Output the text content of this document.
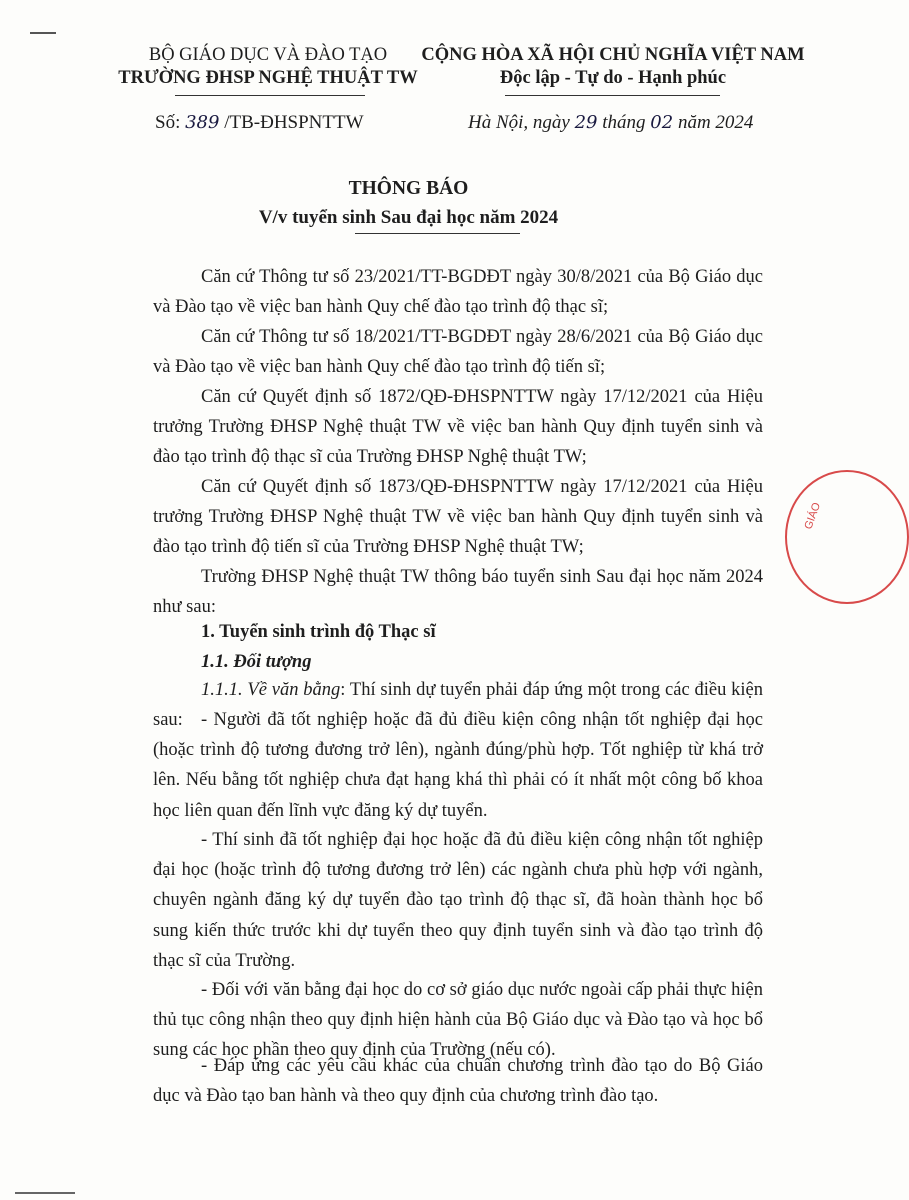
BỘ GIÁO DỤC VÀ ĐÀO TẠO
TRƯỜNG ĐHSP NGHỆ THUẬT TW
CỘNG HÒA XÃ HỘI CHỦ NGHĨA VIỆT NAM
Độc lập - Tự do - Hạnh phúc
Số: 389 /TB-ĐHSPNTTW	Hà Nội, ngày 29 tháng 02 năm 2024
THÔNG BÁO
V/v tuyển sinh Sau đại học năm 2024
Căn cứ Thông tư số 23/2021/TT-BGDĐT ngày 30/8/2021 của Bộ Giáo dục và Đào tạo về việc ban hành Quy chế đào tạo trình độ thạc sĩ;
Căn cứ Thông tư số 18/2021/TT-BGDĐT ngày 28/6/2021 của Bộ Giáo dục và Đào tạo về việc ban hành Quy chế đào tạo trình độ tiến sĩ;
Căn cứ Quyết định số 1872/QĐ-ĐHSPNTTW ngày 17/12/2021 của Hiệu trưởng Trường ĐHSP Nghệ thuật TW về việc ban hành Quy định tuyển sinh và đào tạo trình độ thạc sĩ của Trường ĐHSP Nghệ thuật TW;
Căn cứ Quyết định số 1873/QĐ-ĐHSPNTTW ngày 17/12/2021 của Hiệu trưởng Trường ĐHSP Nghệ thuật TW về việc ban hành Quy định tuyển sinh và đào tạo trình độ tiến sĩ của Trường ĐHSP Nghệ thuật TW;
Trường ĐHSP Nghệ thuật TW thông báo tuyển sinh Sau đại học năm 2024 như sau:
1. Tuyển sinh trình độ Thạc sĩ
1.1. Đối tượng
1.1.1. Về văn bằng: Thí sinh dự tuyển phải đáp ứng một trong các điều kiện sau: - Người đã tốt nghiệp hoặc đã đủ điều kiện công nhận tốt nghiệp đại học (hoặc trình độ tương đương trở lên), ngành đúng/phù hợp. Tốt nghiệp từ khá trở lên. Nếu bằng tốt nghiệp chưa đạt hạng khá thì phải có ít nhất một công bố khoa học liên quan đến lĩnh vực đăng ký dự tuyển.
- Thí sinh đã tốt nghiệp đại học hoặc đã đủ điều kiện công nhận tốt nghiệp đại học (hoặc trình độ tương đương trở lên) các ngành chưa phù hợp với ngành, chuyên ngành đăng ký dự tuyển đào tạo trình độ thạc sĩ, đã hoàn thành học bổ sung kiến thức trước khi dự tuyển theo quy định tuyển sinh và đào tạo trình độ thạc sĩ của Trường.
- Đối với văn bằng đại học do cơ sở giáo dục nước ngoài cấp phải thực hiện thủ tục công nhận theo quy định hiện hành của Bộ Giáo dục và Đào tạo và học bổ sung các học phần theo quy định của Trường (nếu có).
- Đáp ứng các yêu cầu khác của chuẩn chương trình đào tạo do Bộ Giáo dục và Đào tạo ban hành và theo quy định của chương trình đào tạo.
GIÁO
